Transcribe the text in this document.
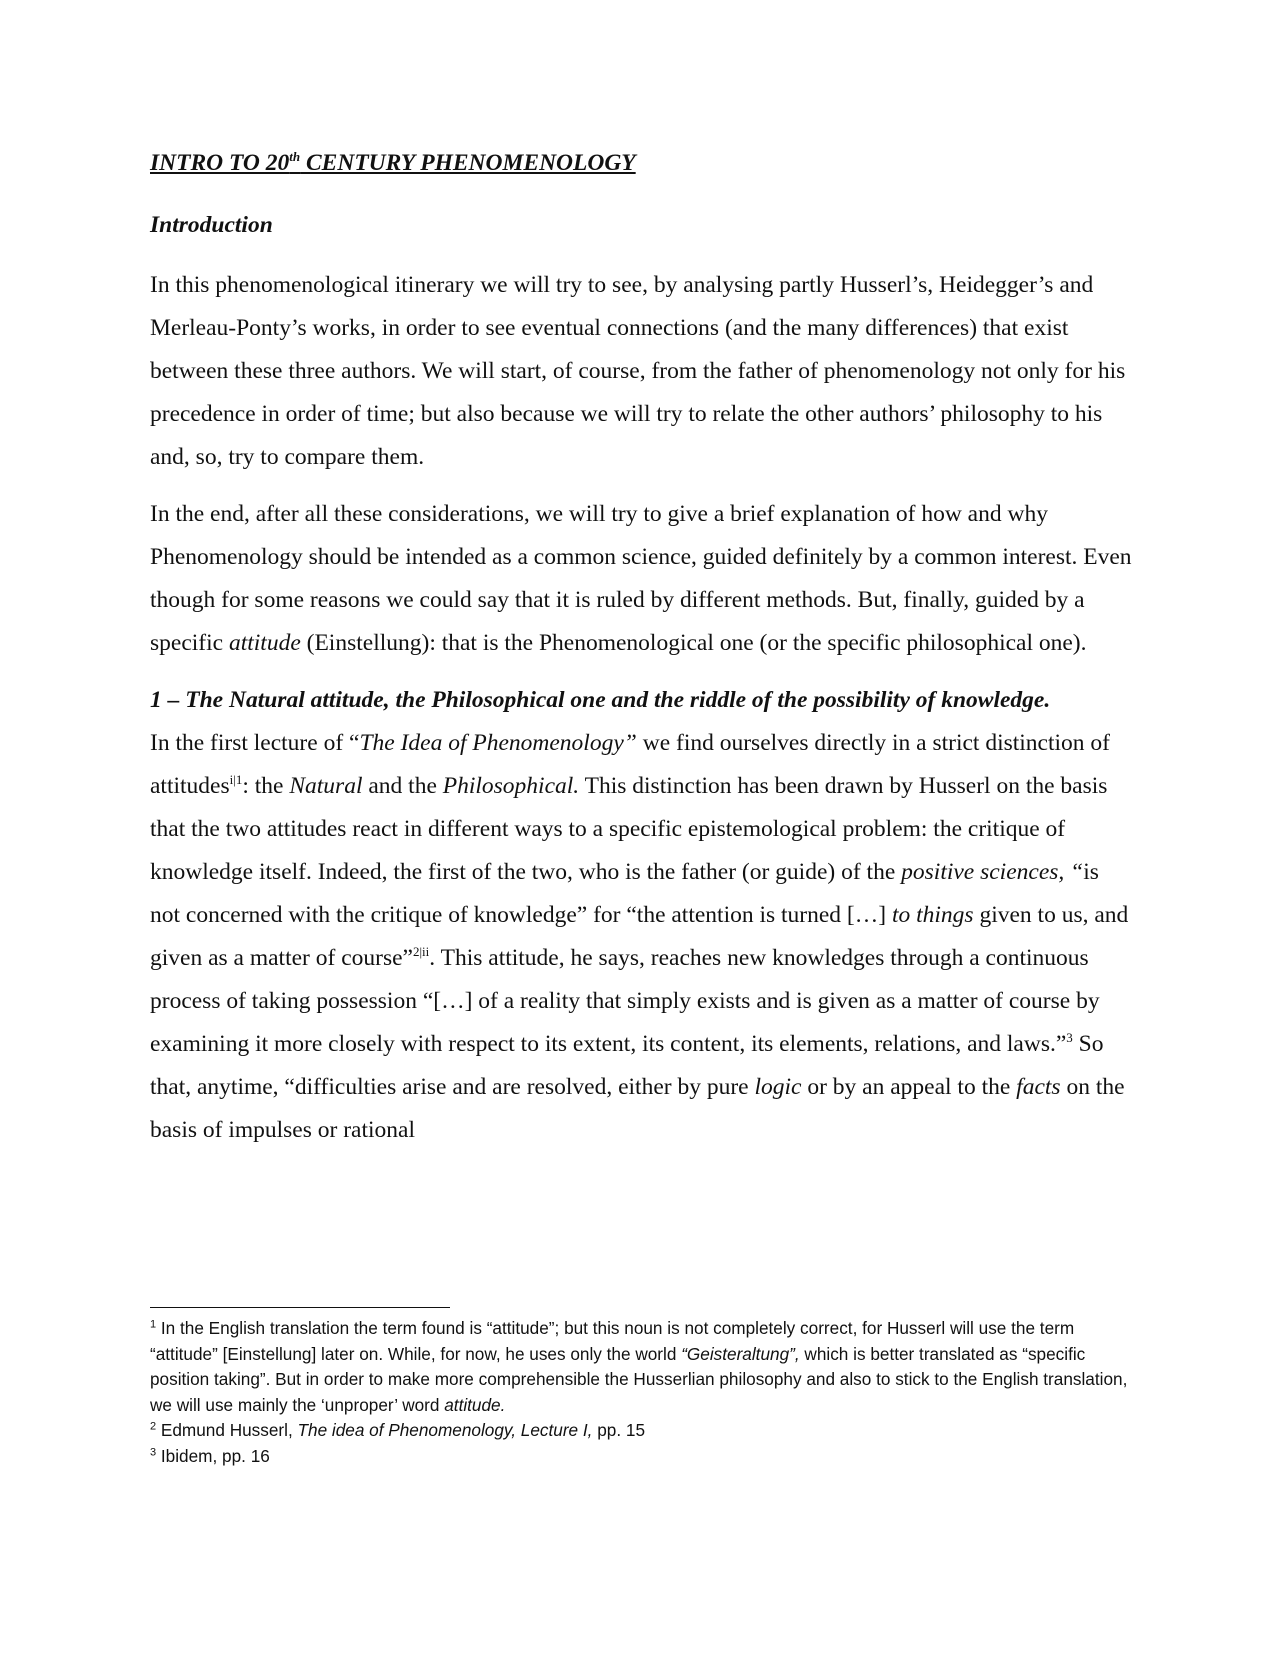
INTRO TO 20th CENTURY PHENOMENOLOGY
Introduction

In this phenomenological itinerary we will try to see, by analysing partly Husserl’s, Heidegger’s and Merleau-Ponty’s works, in order to see eventual connections (and the many differences) that exist between these three authors. We will start, of course, from the father of phenomenology not only for his precedence in order of time; but also because we will try to relate the other authors’ philosophy to his and, so, try to compare them.

In the end, after all these considerations, we will try to give a brief explanation of how and why Phenomenology should be intended as a common science, guided definitely by a common interest. Even though for some reasons we could say that it is ruled by different methods. But, finally, guided by a specific attitude (Einstellung): that is the Phenomenological one (or the specific philosophical one).

1 – The Natural attitude, the Philosophical one and the riddle of the possibility of knowledge.

In the first lecture of “The Idea of Phenomenology” we find ourselves directly in a strict distinction of attitudes$^{i|1}$: the Natural and the Philosophical. This distinction has been drawn by Husserl on the basis that the two attitudes react in different ways to a specific epistemological problem: the critique of knowledge itself. Indeed, the first of the two, who is the father (or guide) of the positive sciences, “is not concerned with the critique of knowledge” for “the attention is turned […] to things given to us, and given as a matter of course”$^{2|ii}$. This attitude, he says, reaches new knowledges through a continuous process of taking possession “[…] of a reality that simply exists and is given as a matter of course by examining it more closely with respect to its extent, its content, its elements, relations, and laws.”$^3$ So that, anytime, “difficulties arise and are resolved, either by pure logic or by an appeal to the facts on the basis of impulses or rational

$^1$ In the English translation the term found is “attitude”; but this noun is not completely correct, for Husserl will use the term “attitude” [Einstellung] later on. While, for now, he uses only the world “Geisteraltung”, which is better translated as “specific position taking”. But in order to make more comprehensible the Husserlian philosophy and also to stick to the English translation, we will use mainly the ‘unproper’ word attitude.

$^2$ Edmund Husserl, The idea of Phenomenology, Lecture I, pp. 15

$^3$ Ibidem, pp. 16
